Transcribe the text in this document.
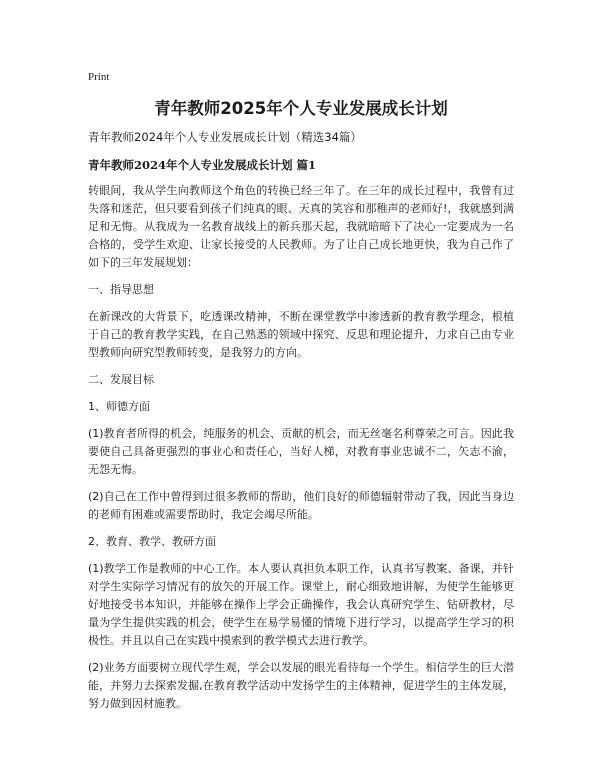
Print
青年教师2025年个人专业发展成长计划
青年教师2024年个人专业发展成长计划（精选34篇）
青年教师2024年个人专业发展成长计划 篇1

转眼间，我从学生向教师这个角色的转换已经三年了。在三年的成长过程中，我曾有过失落和迷茫，但只要看到孩子们纯真的眼、天真的笑容和那稚声的老师好!，我就感到满足和无悔。从我成为一名教育战线上的新兵那天起，我就暗暗下了决心一定要成为一名合格的，受学生欢迎、让家长接受的人民教师。为了让自己成长地更快，我为自己作了如下的三年发展规划：

一、指导思想

在新课改的大背景下，吃透课改精神，不断在课堂教学中渗透新的教育教学理念，根植于自己的教育教学实践，在自己熟悉的领域中探究、反思和理论提升，力求自己由专业型教师向研究型教师转变，是我努力的方向。

二、发展目标
1、师德方面

(1)教育者所得的机会，纯服务的机会、贡献的机会，而无丝毫名利尊荣之可言。因此我要使自己具备更强烈的事业心和责任心，当好人梯，对教育事业忠诚不二，矢志不渝，无怨无悔。

(2)自己在工作中曾得到过很多教师的帮助，他们良好的师德辐射带动了我，因此当身边的老师有困难或需要帮助时，我定会竭尽所能。

2、教育、教学、教研方面

(1)教学工作是教师的中心工作。本人要认真担负本职工作，认真书写教案、备课，并针对学生实际学习情况有的放矢的开展工作。课堂上，耐心细致地讲解，为使学生能够更好地接受书本知识，并能够在操作上学会正确操作，我会认真研究学生、钻研教材，尽量为学生提供实践的机会，使学生在易学易懂的情境下进行学习，以提高学生学习的积极性。并且以自己在实践中摸索到的教学模式去进行教学。

(2)业务方面要树立现代学生观，学会以发展的眼光看待每一个学生。相信学生的巨大潜能，并努力去探索发掘,在教育教学活动中发扬学生的主体精神，促进学生的主体发展，努力做到因材施教。
